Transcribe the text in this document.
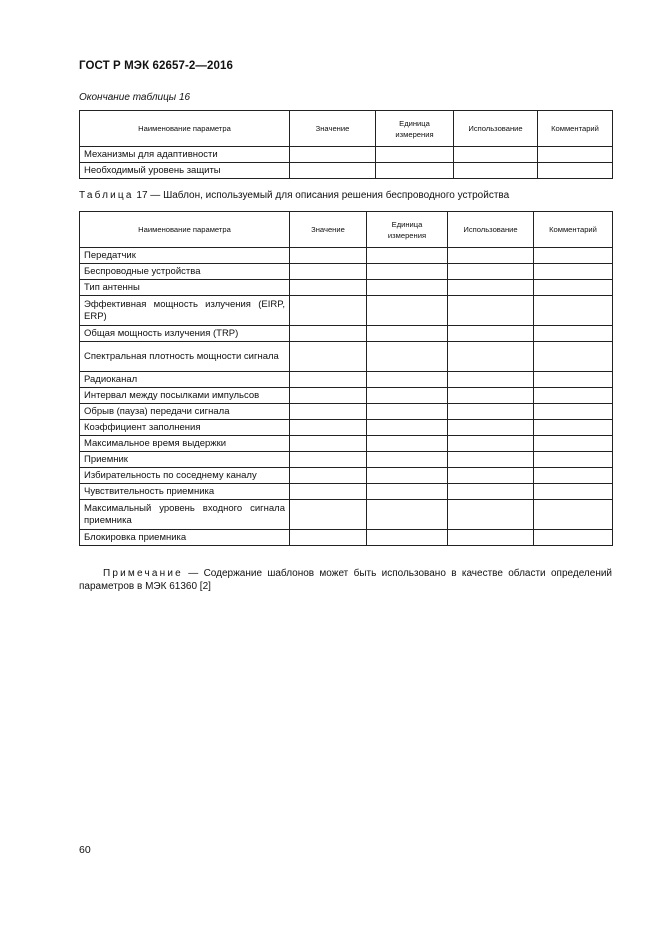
ГОСТ Р МЭК 62657-2—2016
Окончание таблицы 16
Наименование параметра	Значение	Единица измерения	Использование	Комментарий
Механизмы для адаптивности				
Необходимый уровень защиты				
Таблица 17 — Шаблон, используемый для описания решения беспроводного устройства
Наименование параметра	Значение	Единица измерения	Использование	Комментарий
Передатчик				
Беспроводные устройства				
Тип антенны				
Эффективная мощность излучения (EIRP, ERP)				
Общая мощность излучения (TRP)				
Спектральная плотность мощности сигнала				
Радиоканал				
Интервал между посылками импульсов				
Обрыв (пауза) передачи сигнала				
Коэффициент заполнения				
Максимальное время выдержки				
Приемник				
Избирательность по соседнему каналу				
Чувствительность приемника				
Максимальный уровень входного сигнала приемника				
Блокировка приемника				
Примечание — Содержание шаблонов может быть использовано в качестве области определений параметров в МЭК 61360 [2]
60
